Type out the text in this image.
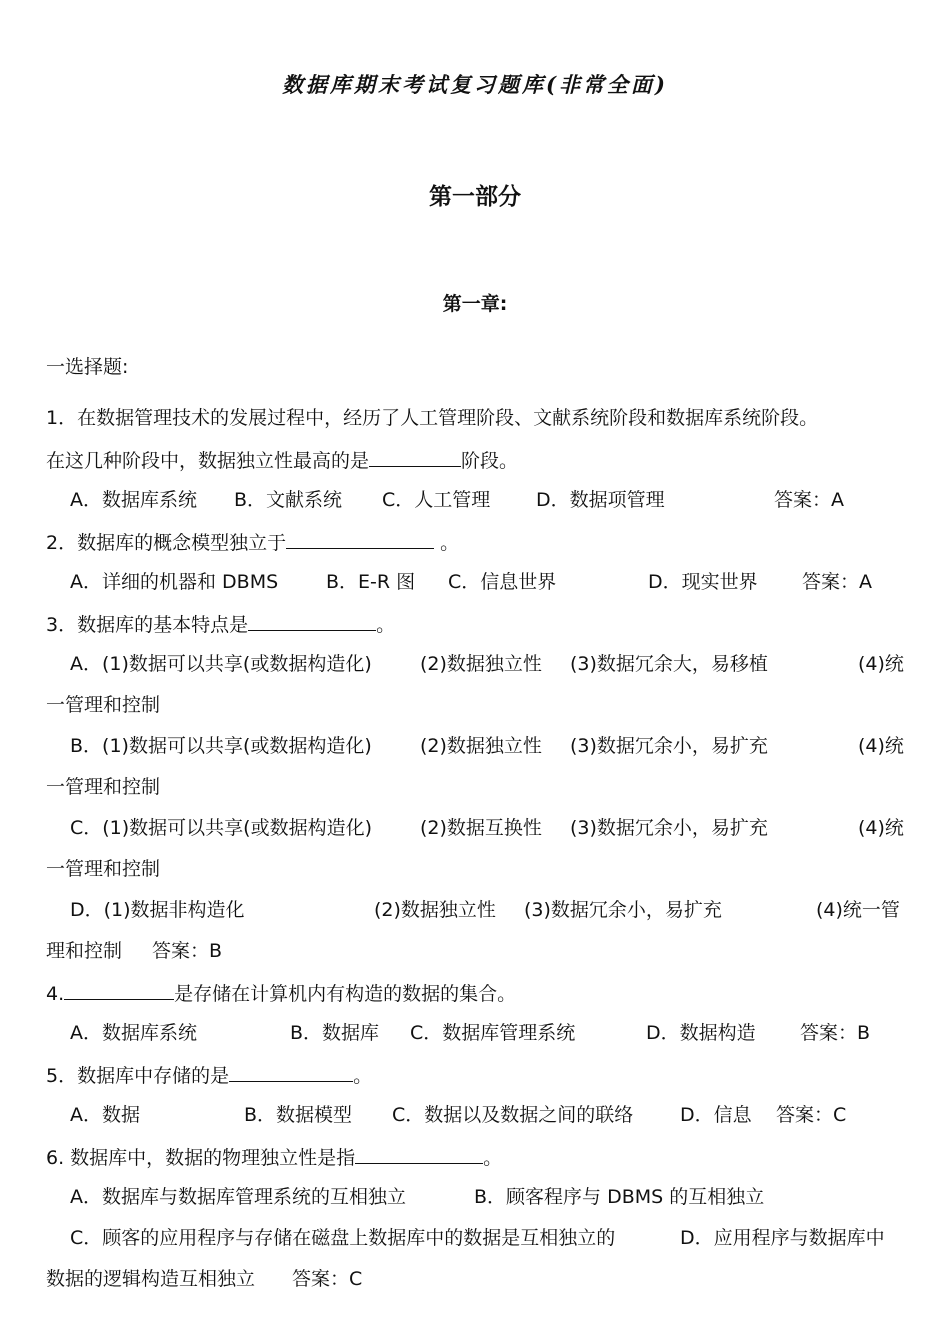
数据库期末考试复习题库(非常全面)
第一部分
第一章:
一选择题:
1．在数据管理技术的发展过程中，经历了人工管理阶段、文献系统阶段和数据库系统阶段。
在这几种阶段中，数据独立性最高的是	阶段。
A．数据库系统 B．文献系统 C．人工管理 D．数据项管理	答案：A
2．数据库的概念模型独立于	。
A．详细的机器和 DBMS	B．E-R 图 C．信息世界	D．现实世界 答案：A
3．数据库的基本特点是	。
A．(1)数据可以共享(或数据构造化)	(2)数据独立性 (3)数据冗余大，易移植	(4)统
一管理和控制
B．(1)数据可以共享(或数据构造化)	(2)数据独立性 (3)数据冗余小，易扩充	(4)统
一管理和控制
C．(1)数据可以共享(或数据构造化)	(2)数据互换性 (3)数据冗余小，易扩充	(4)统
一管理和控制
D．(1)数据非构造化	(2)数据独立性 (3)数据冗余小，易扩充	(4)统一管
理和控制 答案：B
4.	是存储在计算机内有构造的数据的集合。
A．数据库系统	B．数据库 C．数据库管理系统	D．数据构造 答案：B
5．数据库中存储的是	。
A．数据	B．数据模型 C．数据以及数据之间的联络 D．信息 答案：C
6. 数据库中，数据的物理独立性是指	。
A．数据库与数据库管理系统的互相独立	B．顾客程序与 DBMS 的互相独立
C．顾客的应用程序与存储在磁盘上数据库中的数据是互相独立的	D．应用程序与数据库中
数据的逻辑构造互相独立 答案：C
